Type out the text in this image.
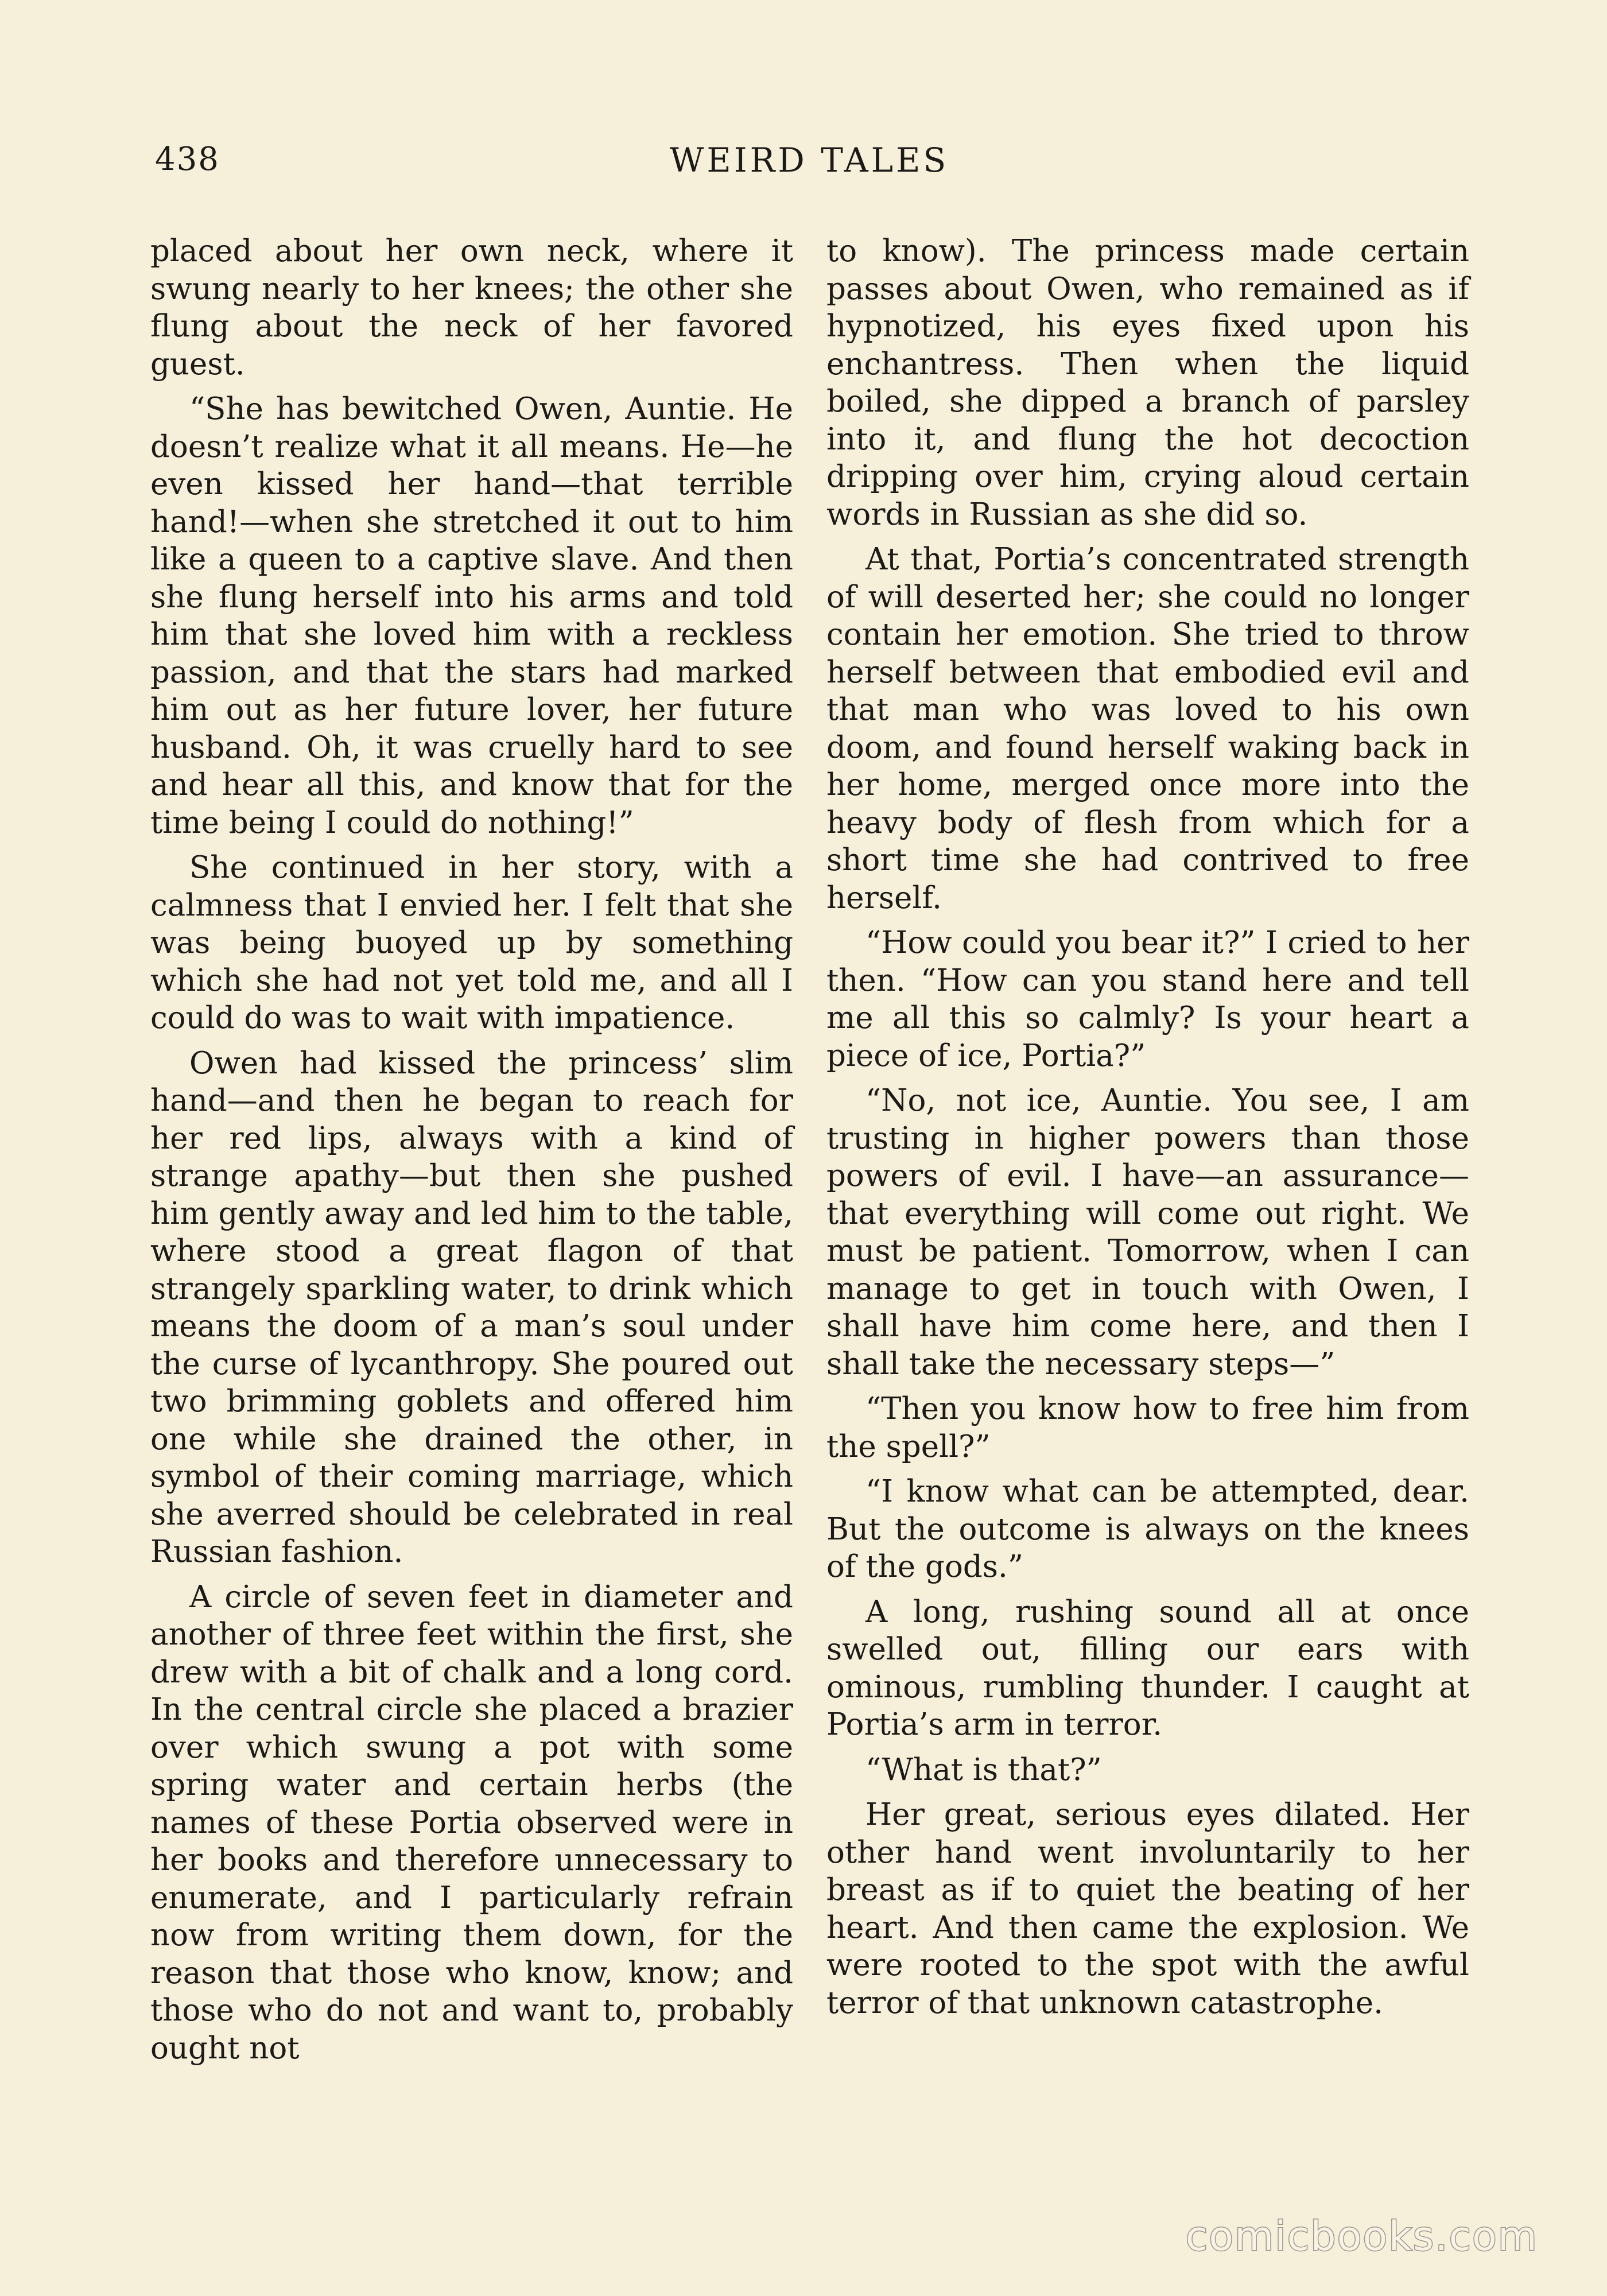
438	WEIRD TALES

placed about her own neck, where it swung nearly to her knees; the other she flung about the neck of her favored guest.

“She has bewitched Owen, Auntie. He doesn’t realize what it all means. He—he even kissed her hand—that terrible hand!—when she stretched it out to him like a queen to a captive slave. And then she flung herself into his arms and told him that she loved him with a reckless passion, and that the stars had marked him out as her future lover, her future husband. Oh, it was cruelly hard to see and hear all this, and know that for the time being I could do nothing!”

She continued in her story, with a calmness that I envied her. I felt that she was being buoyed up by something which she had not yet told me, and all I could do was to wait with impatience.

Owen had kissed the princess’ slim hand—and then he began to reach for her red lips, always with a kind of strange apathy—but then she pushed him gently away and led him to the table, where stood a great flagon of that strangely sparkling water, to drink which means the doom of a man’s soul under the curse of lycanthropy. She poured out two brimming goblets and offered him one while she drained the other, in symbol of their coming marriage, which she averred should be celebrated in real Russian fashion.

A circle of seven feet in diameter and another of three feet within the first, she drew with a bit of chalk and a long cord. In the central circle she placed a brazier over which swung a pot with some spring water and certain herbs (the names of these Portia observed were in her books and therefore unnecessary to enumerate, and I particularly refrain now from writing them down, for the reason that those who know, know; and those who do not and want to, probably ought not

to know). The princess made certain passes about Owen, who remained as if hypnotized, his eyes fixed upon his enchantress. Then when the liquid boiled, she dipped a branch of parsley into it, and flung the hot decoction dripping over him, crying aloud certain words in Russian as she did so.

At that, Portia’s concentrated strength of will deserted her; she could no longer contain her emotion. She tried to throw herself between that embodied evil and that man who was loved to his own doom, and found herself waking back in her home, merged once more into the heavy body of flesh from which for a short time she had contrived to free herself.

“How could you bear it?” I cried to her then. “How can you stand here and tell me all this so calmly? Is your heart a piece of ice, Portia?”

“No, not ice, Auntie. You see, I am trusting in higher powers than those powers of evil. I have—an assurance—that everything will come out right. We must be patient. Tomorrow, when I can manage to get in touch with Owen, I shall have him come here, and then I shall take the necessary steps—”

“Then you know how to free him from the spell?”

“I know what can be attempted, dear. But the outcome is always on the knees of the gods.”

A long, rushing sound all at once swelled out, filling our ears with ominous, rumbling thunder. I caught at Portia’s arm in terror.

“What is that?”

Her great, serious eyes dilated. Her other hand went involuntarily to her breast as if to quiet the beating of her heart. And then came the explosion. We were rooted to the spot with the awful terror of that unknown catastrophe.

comicbooks.com
